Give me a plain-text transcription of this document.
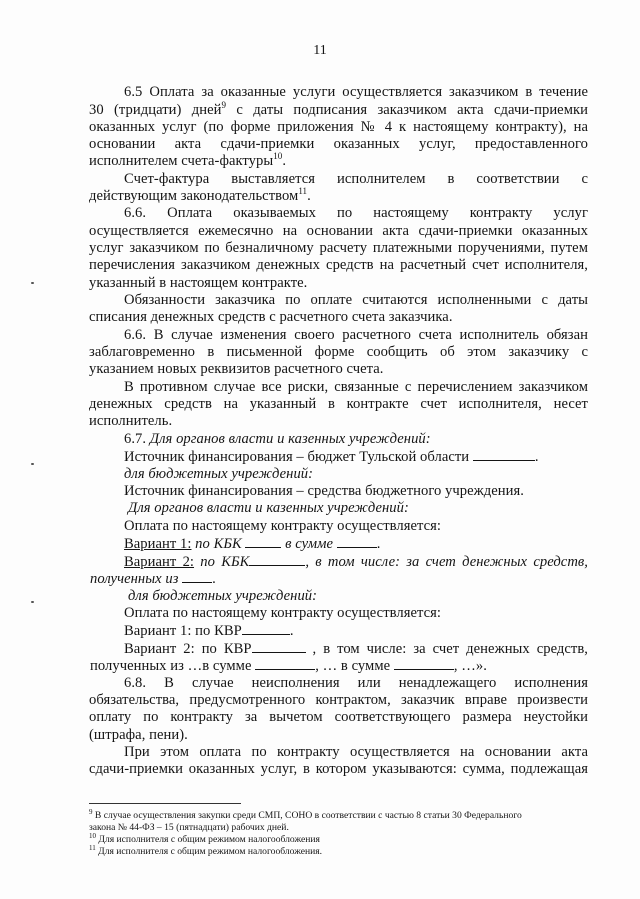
11
6.5 Оплата за оказанные услуги осуществляется заказчиком в течение
30 (тридцати) дней$^9$ с даты подписания заказчиком акта сдачи-приемки
оказанных услуг (по форме приложения № 4 к настоящему контракту), на
основании акта сдачи-приемки оказанных услуг, предоставленного
исполнителем счета-фактуры$^{10}$.
Счет-фактура выставляется исполнителем в соответствии с
действующим законодательством$^{11}$.
6.6. Оплата оказываемых по настоящему контракту услуг
осуществляется ежемесячно на основании акта сдачи-приемки оказанных
услуг заказчиком по безналичному расчету платежными поручениями, путем
перечисления заказчиком денежных средств на расчетный счет исполнителя,
указанный в настоящем контракте.
Обязанности заказчика по оплате считаются исполненными с даты
списания денежных средств с расчетного счета заказчика.
6.6. В случае изменения своего расчетного счета исполнитель обязан
заблаговременно в письменной форме сообщить об этом заказчику с
указанием новых реквизитов расчетного счета.
В противном случае все риски, связанные с перечислением заказчиком
денежных средств на указанный в контракте счет исполнителя, несет
исполнитель.
6.7. Для органов власти и казенных учреждений:
Источник финансирования – бюджет Тульской области	.
для бюджетных учреждений:
Источник финансирования – средства бюджетного учреждения.
Для органов власти и казенных учреждений:
Оплата по настоящему контракту осуществляется:
Вариант 1: по КБК  в сумме	.
Вариант 2: по КБК	, в том числе: за счет денежных средств,
полученных из .
для бюджетных учреждений:
Оплата по настоящему контракту осуществляется:
Вариант 1: по КВР	.
Вариант 2: по КВР	, в том числе: за счет денежных средств,
полученных из …в сумме	, … в сумме	, …».
6.8. В случае неисполнения или ненадлежащего исполнения
обязательства, предусмотренного контрактом, заказчик вправе произвести
оплату по контракту за вычетом соответствующего размера неустойки
(штрафа, пени).
При этом оплата по контракту осуществляется на основании акта
сдачи-приемки оказанных услуг, в котором указываются: сумма, подлежащая
$^9$ В случае осуществления закупки среди СМП, СОНО в соответствии с частью 8 статьи 30 Федерального
закона № 44-ФЗ – 15 (пятнадцати) рабочих дней.
$^{10}$ Для исполнителя с общим режимом налогообложения
$^{11}$ Для исполнителя с общим режимом налогообложения.
